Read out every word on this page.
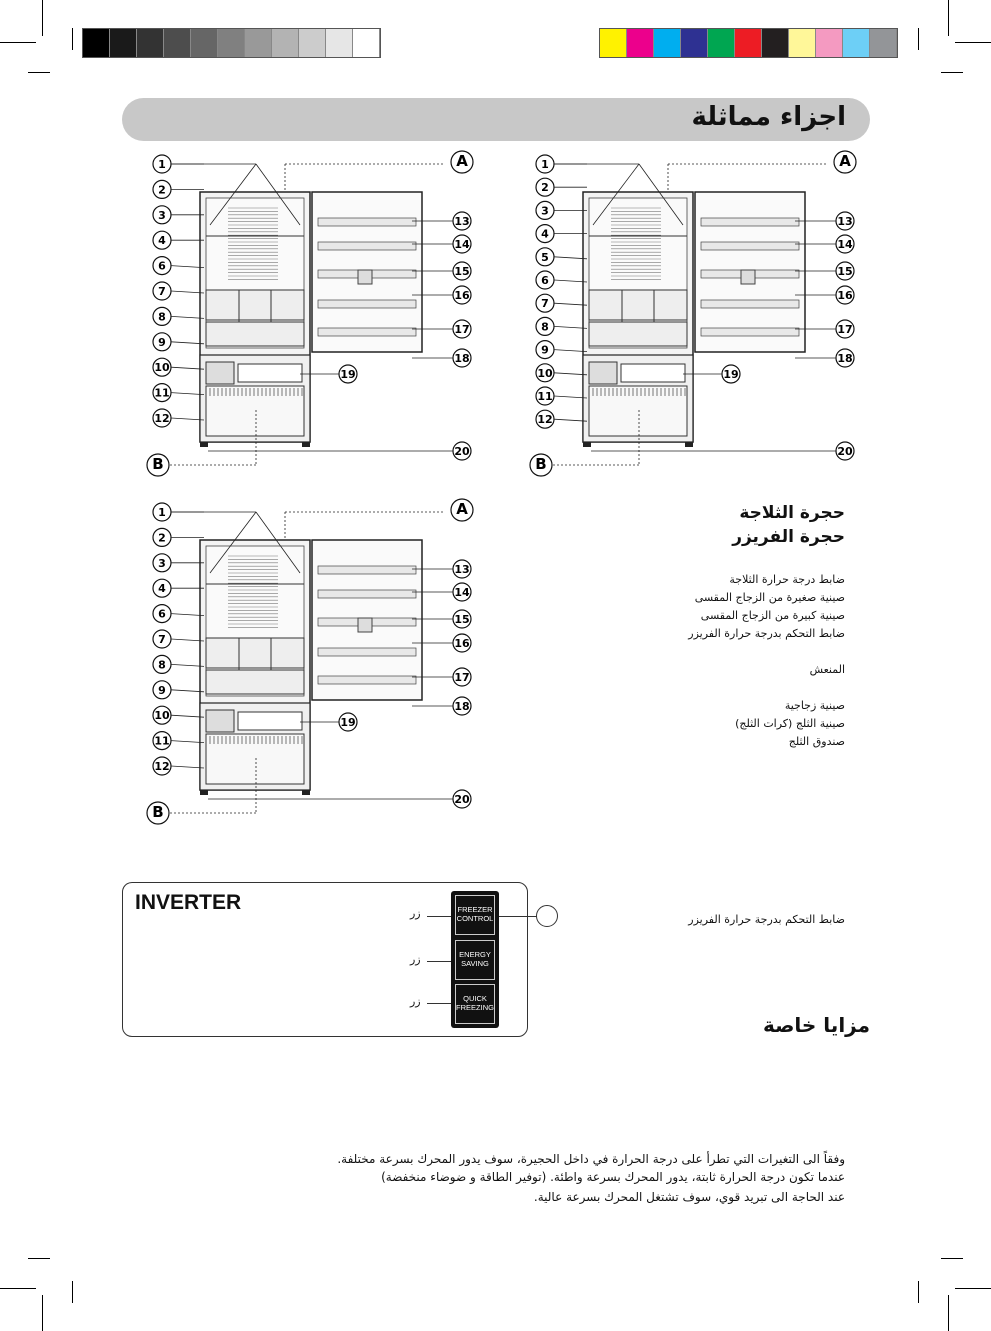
اجزاء مماثلة
A
B
1
2
3
4
6
7
8
9
10
11
12
13
14
15
16
17
18
19
20
A
B
1
2
3
4
5
6
7
8
9
10
11
12
13
14
15
16
17
18
19
20
A
B
1
2
3
4
6
7
8
9
10
11
12
13
14
15
16
17
18
19
20
حجرة الثلاجة
حجرة الفريزر
ضابط درجة حرارة الثلاجة
صينية صغيرة من الزجاج المقسى
صينية كبيرة من الزجاج المقسى
ضابط التحكم بدرجة حرارة الفريزر
المنعش
صينية زجاجية
صينية الثلج (كرات الثلج)
صندوق الثلج
INVERTER	FREEZER
CONTROL
ENERGY
SAVING
QUICK
FREEZING
زر
زر
زر
ضابط التحكم بدرجة حرارة الفريزر
مزايا خاصة
وفقاً الى التغيرات التي تطرأ على درجة الحرارة في داخل الحجيرة، سوف يدور المحرك بسرعة مختلفة.
عندما تكون درجة الحرارة ثابتة، يدور المحرك بسرعة واطئة. (توفير الطاقة و ضوضاء منخفضة)
عند الحاجة الى تبريد قوي، سوف تشتغل المحرك بسرعة عالية.
